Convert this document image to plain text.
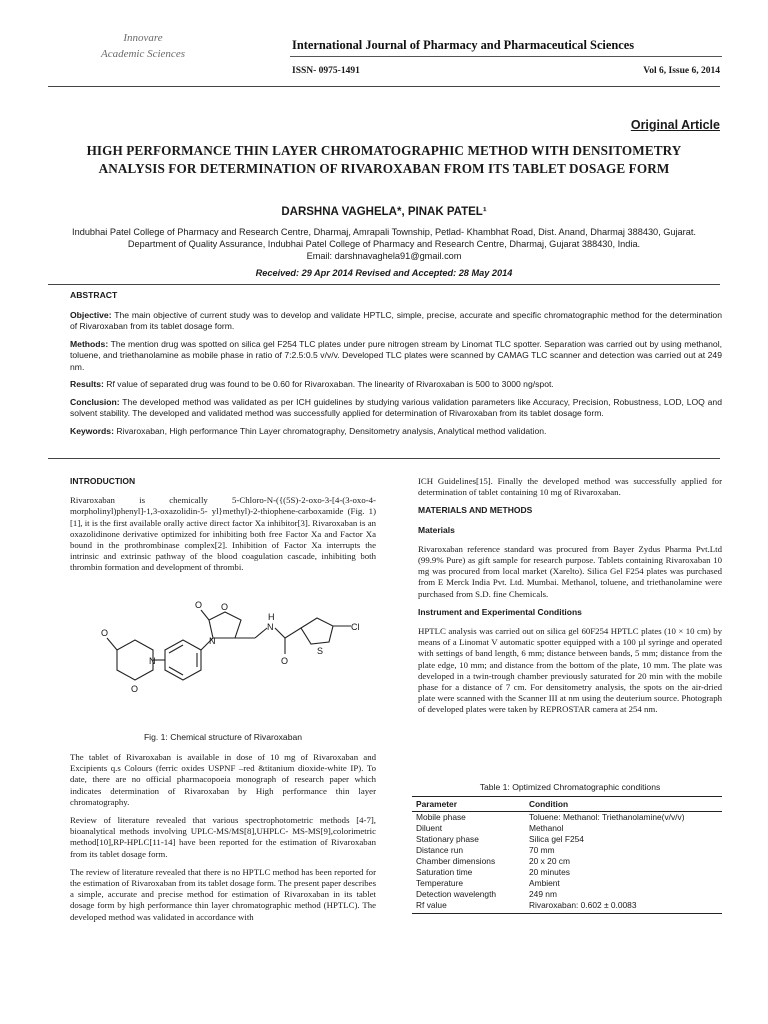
Innovare
Academic Sciences
International Journal of Pharmacy and Pharmaceutical Sciences
ISSN- 0975-1491	Vol 6, Issue 6, 2014
Original Article
HIGH PERFORMANCE THIN LAYER CHROMATOGRAPHIC METHOD WITH DENSITOMETRY
ANALYSIS FOR DETERMINATION OF RIVAROXABAN FROM ITS TABLET DOSAGE FORM
DARSHNA VAGHELA*, PINAK PATEL¹
Indubhai Patel College of Pharmacy and Research Centre, Dharmaj, Amrapali Township, Petlad- Khambhat Road, Dist. Anand, Dharmaj 388430, Gujarat. Department of Quality Assurance, Indubhai Patel College of Pharmacy and Research Centre, Dharmaj, Gujarat 388430, India.
Email: darshnavaghela91@gmail.com
Received: 29 Apr 2014 Revised and Accepted: 28 May 2014

ABSTRACT

Objective: The main objective of current study was to develop and validate HPTLC, simple, precise, accurate and specific chromatographic method for the determination of Rivaroxaban from its tablet dosage form.

Methods: The mention drug was spotted on silica gel F254 TLC plates under pure nitrogen stream by Linomat TLC spotter. Separation was carried out by using methanol, toluene, and triethanolamine as mobile phase in ratio of 7:2.5:0.5 v/v/v. Developed TLC plates were scanned by CAMAG TLC scanner and detection was carried out at 249 nm.

Results: Rf value of separated drug was found to be 0.60 for Rivaroxaban. The linearity of Rivaroxaban is 500 to 3000 ng/spot.

Conclusion: The developed method was validated as per ICH guidelines by studying various validation parameters like Accuracy, Precision, Robustness, LOD, LOQ and solvent stability. The developed and validated method was successfully applied for determination of Rivaroxaban from its tablet dosage form.

Keywords: Rivaroxaban, High performance Thin Layer chromatography, Densitometry analysis, Analytical method validation.

INTRODUCTION

Rivaroxaban is chemically 5-Chloro-N-({(5S)-2-oxo-3-[4-(3-oxo-4-morpholinyl)phenyl]-1,3-oxazolidin-5- yl}methyl)-2-thiophene-carboxamide (Fig. 1)[1], it is the first available orally active direct factor Xa inhibitor[3]. Rivaroxaban is an oxazolidinone derivative optimized for inhibiting both free Factor Xa and Factor Xa bound in the prothrombinase complex[2]. Inhibition of Factor Xa interrupts the intrinsic and extrinsic pathway of the blood coagulation cascade, inhibiting both thrombin formation and development of thrombi.

O
O
N
O O
N
N
H
O
S
Cl
Fig. 1: Chemical structure of Rivaroxaban

The tablet of Rivaroxaban is available in dose of 10 mg of Rivaroxaban and Excipients q.s Colours (ferric oxides USPNF –red &titanium dioxide-white IP). To date, there are no official pharmacopoeia monograph of research paper which indicates determination of Rivaroxaban by High performance thin layer chromatography.

Review of literature revealed that various spectrophotometric methods [4-7], bioanalytical methods involving UPLC-MS/MS[8],UHPLC- MS-MS[9],colorimetric method[10],RP-HPLC[11-14] have been reported for the estimation of Rivaroxaban from its tablet dosage form.

The review of literature revealed that there is no HPTLC method has been reported for the estimation of Rivaroxaban from its tablet dosage form. The present paper describes a simple, accurate and precise method for estimation of Rivaroxaban in its tablet dosage form by high performance thin layer chromatographic method (HPTLC). The developed method was validated in accordance with

ICH Guidelines[15]. Finally the developed method was successfully applied for determination of tablet containing 10 mg of Rivaroxaban.

MATERIALS AND METHODS

Materials

Rivaroxaban reference standard was procured from Bayer Zydus Pharma Pvt.Ltd (99.9% Pure) as gift sample for research purpose. Tablets containing Rivaroxaban 10 mg was procured from local market (Xarelto). Silica Gel F254 plates was purchased from E Merck India Pvt. Ltd. Mumbai. Methanol, toluene, and triethanolamine were purchased from S.D. fine Chemicals.

Instrument and Experimental Conditions

HPTLC analysis was carried out on silica gel 60F254 HPTLC plates (10 × 10 cm) by means of a Linomat V automatic spotter equipped with a 100 µl syringe and operated with settings of band length, 6 mm; distance between bands, 5 mm; distance from the plate edge, 10 mm; and distance from the bottom of the plate, 10 mm. The plate was developed in a twin-trough chamber previously saturated for 20 min with the mobile phase for a distance of 7 cm. For densitometry analysis, the spots on the air-dried plate were scanned with the Scanner III at nm using the deuterium source. Photograph of developed plates were taken by REPROSTAR camera at 254 nm.

Table 1: Optimized Chromatographic conditions
Parameter	Condition
Mobile phase	Toluene: Methanol: Triethanolamine(v/v/v)
Diluent	Methanol
Stationary phase	Silica gel F254
Distance run	70 mm
Chamber dimensions	20 x 20 cm
Saturation time	20 minutes
Temperature	Ambient
Detection wavelength	249 nm
Rf value	Rivaroxaban: 0.602 ± 0.0083
